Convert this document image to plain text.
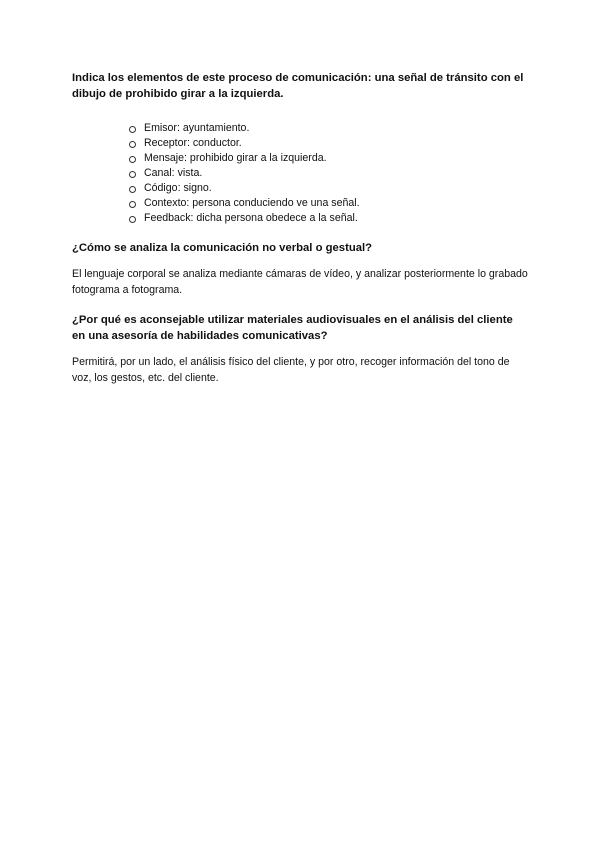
Indica los elementos de este proceso de comunicación: una señal de tránsito con el dibujo de prohibido girar a la izquierda.

Emisor: ayuntamiento.
Receptor: conductor.
Mensaje: prohibido girar a la izquierda.
Canal: vista.
Código: signo.
Contexto: persona conduciendo ve una señal.
Feedback: dicha persona obedece a la señal.

¿Cómo se analiza la comunicación no verbal o gestual?

El lenguaje corporal se analiza mediante cámaras de vídeo, y analizar posteriormente lo grabado fotograma a fotograma.

¿Por qué es aconsejable utilizar materiales audiovisuales en el análisis del cliente en una asesoría de habilidades comunicativas?

Permitirá, por un lado, el análisis físico del cliente, y por otro, recoger información del tono de voz, los gestos, etc. del cliente.
